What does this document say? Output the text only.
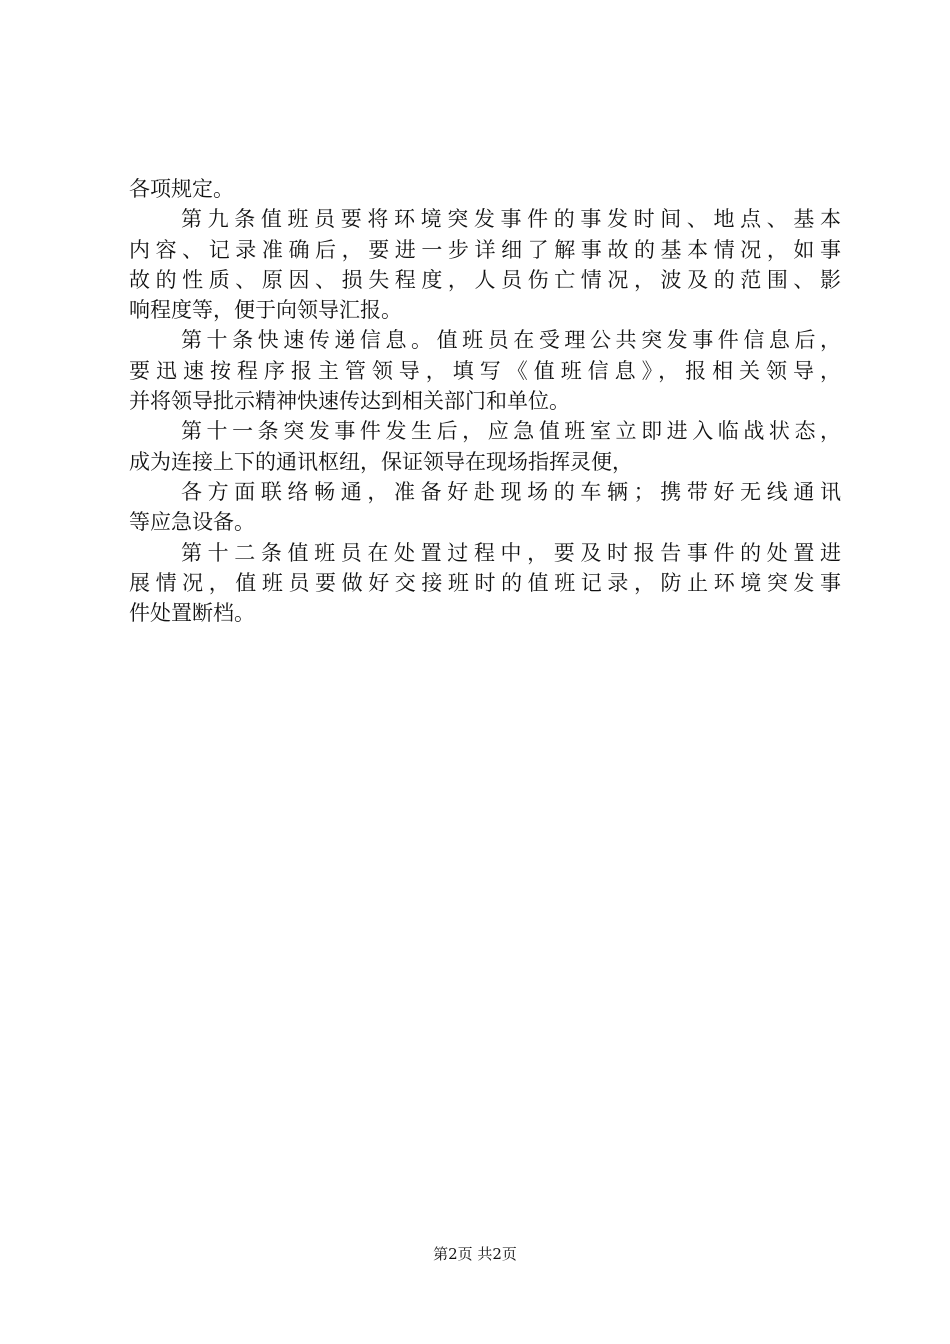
各项规定。
第九条值班员要将环境突发事件的事发时间、地点、基本
内容、记录准确后，要进一步详细了解事故的基本情况，如事
故的性质、原因、损失程度，人员伤亡情况，波及的范围、影
响程度等，便于向领导汇报。
第十条快速传递信息。值班员在受理公共突发事件信息后，
要迅速按程序报主管领导，填写《值班信息》，报相关领导，
并将领导批示精神快速传达到相关部门和单位。
第十一条突发事件发生后，应急值班室立即进入临战状态，
成为连接上下的通讯枢纽，保证领导在现场指挥灵便，
各方面联络畅通，准备好赴现场的车辆；携带好无线通讯
等应急设备。
第十二条值班员在处置过程中，要及时报告事件的处置进
展情况，值班员要做好交接班时的值班记录，防止环境突发事
件处置断档。
第2页 共2页
